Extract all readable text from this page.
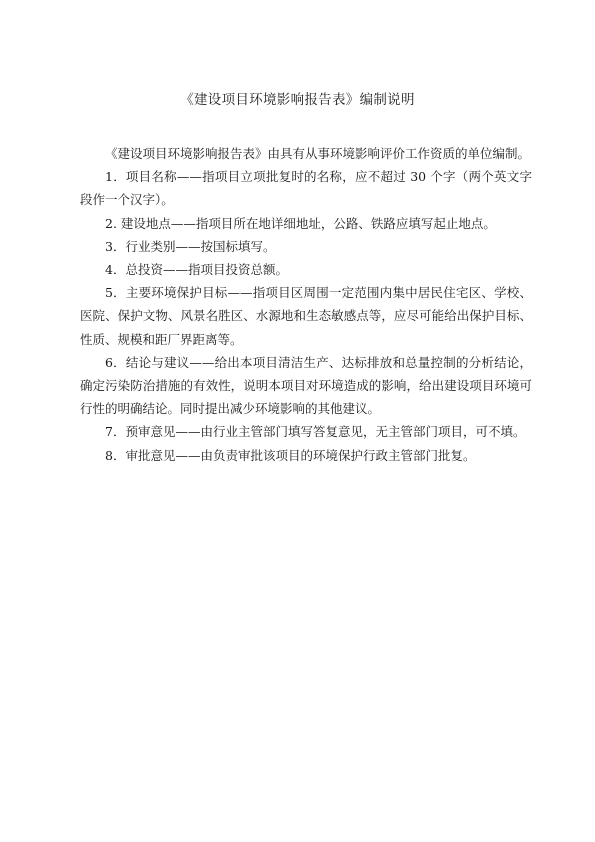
《建设项目环境影响报告表》编制说明

《建设项目环境影响报告表》由具有从事环境影响评价工作资质的单位编制。

1．项目名称——指项目立项批复时的名称，应不超过 30 个字（两个英文字段作一个汉字）。

2. 建设地点——指项目所在地详细地址，公路、铁路应填写起止地点。

3．行业类别——按国标填写。

4．总投资——指项目投资总额。

5．主要环境保护目标——指项目区周围一定范围内集中居民住宅区、学校、医院、保护文物、风景名胜区、水源地和生态敏感点等，应尽可能给出保护目标、性质、规模和距厂界距离等。

6．结论与建议——给出本项目清洁生产、达标排放和总量控制的分析结论，确定污染防治措施的有效性，说明本项目对环境造成的影响，给出建设项目环境可行性的明确结论。同时提出减少环境影响的其他建议。

7．预审意见——由行业主管部门填写答复意见，无主管部门项目，可不填。

8．审批意见——由负责审批该项目的环境保护行政主管部门批复。
